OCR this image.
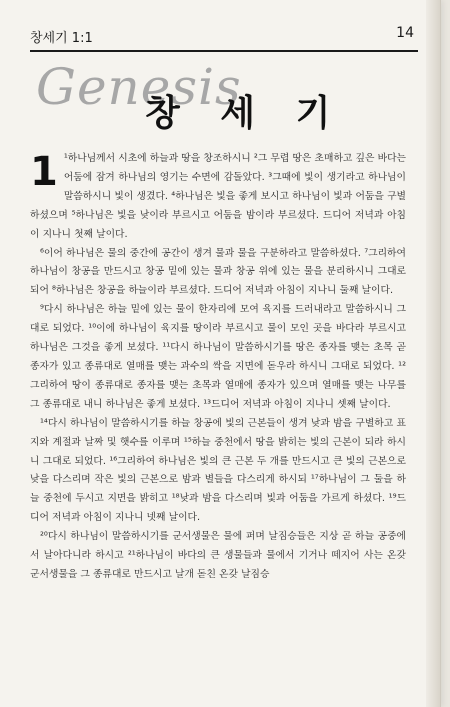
창세기 1:1	14
Genesis
창 세 기

1 ¹하나님께서 시초에 하늘과 땅을 창조하시니 ²그 무렵 땅은 초매하고 깊은 바다는 어둠에 잠겨 하나님의 영기는 수면에 감돌았다. ³그때에 빛이 생기라고 하나님이 말씀하시니 빛이 생겼다. ⁴하나님은 빛을 좋게 보시고 하나님이 빛과 어둠을 구별하셨으며 ⁵하나님은 빛을 낮이라 부르시고 어둠을 밤이라 부르셨다. 드디어 저녁과 아침이 지나니 첫째 날이다.

⁶이어 하나님은 물의 중간에 공간이 생겨 물과 물을 구분하라고 말씀하셨다. ⁷그리하여 하나님이 창공을 만드시고 창공 밑에 있는 물과 창공 위에 있는 물을 분리하시니 그대로 되어 ⁸하나님은 창공을 하늘이라 부르셨다. 드디어 저녁과 아침이 지나니 둘째 날이다.

⁹다시 하나님은 하늘 밑에 있는 물이 한자리에 모여 육지를 드러내라고 말씀하시니 그대로 되었다. ¹⁰이에 하나님이 육지를 땅이라 부르시고 물이 모인 곳을 바다라 부르시고 하나님은 그것을 좋게 보셨다. ¹¹다시 하나님이 말씀하시기를 땅은 종자를 맺는 초목 곧 종자가 있고 종류대로 열매를 맺는 과수의 싹을 지면에 돋우라 하시니 그대로 되었다. ¹²그리하여 땅이 종류대로 종자를 맺는 초목과 열매에 종자가 있으며 열매를 맺는 나무를 그 종류대로 내니 하나님은 좋게 보셨다. ¹³드디어 저녁과 아침이 지나니 셋째 날이다.

¹⁴다시 하나님이 말씀하시기를 하늘 창공에 빛의 근본들이 생겨 낮과 밤을 구별하고 표지와 계절과 날짜 및 햇수를 이루며 ¹⁵하늘 중천에서 땅을 밝히는 빛의 근본이 되라 하시니 그대로 되었다. ¹⁶그리하여 하나님은 빛의 큰 근본 두 개를 만드시고 큰 빛의 근본으로 낮을 다스리며 작은 빛의 근본으로 밤과 별들을 다스리게 하시되 ¹⁷하나님이 그 둘을 하늘 중천에 두시고 지면을 밝히고 ¹⁸낮과 밤을 다스리며 빛과 어둠을 가르게 하셨다. ¹⁹드디어 저녁과 아침이 지나니 넷째 날이다.

²⁰다시 하나님이 말씀하시기를 군서생물은 물에 퍼며 날짐승들은 지상 곧 하늘 공중에서 날아다니라 하시고 ²¹하나님이 바다의 큰 생물들과 물에서 기거나 떼지어 사는 온갖 군서생물을 그 종류대로 만드시고 날개 돋친 온갖 날짐승
